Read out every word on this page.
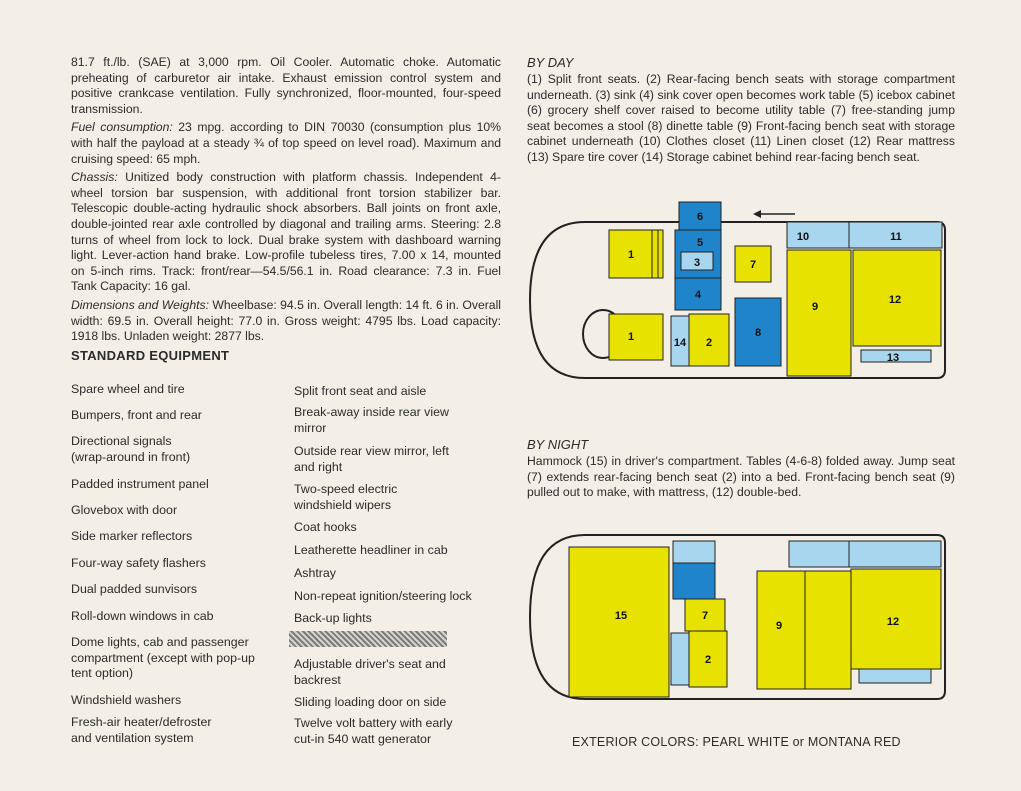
81.7 ft./lb. (SAE) at 3,000 rpm. Oil Cooler. Automatic choke. Automatic preheating of carburetor air intake. Exhaust emission control system and positive crankcase ventilation. Fully synchronized, floor-mounted, four-speed transmission.

Fuel consumption: 23 mpg. according to DIN 70030 (consumption plus 10% with half the payload at a steady ¾ of top speed on level road). Maximum and cruising speed: 65 mph.

Chassis: Unitized body construction with platform chassis. Independent 4-wheel torsion bar suspension, with additional front torsion stabilizer bar. Telescopic double-acting hydraulic shock absorbers. Ball joints on front axle, double-jointed rear axle controlled by diagonal and trailing arms. Steering: 2.8 turns of wheel from lock to lock. Dual brake system with dashboard warning light. Lever-action hand brake. Low-profile tubeless tires, 7.00 x 14, mounted on 5-inch rims. Track: front/rear—54.5/56.1 in. Road clearance: 7.3 in. Fuel Tank Capacity: 16 gal.

Dimensions and Weights: Wheelbase: 94.5 in. Overall length: 14 ft. 6 in. Overall width: 69.5 in. Overall height: 77.0 in. Gross weight: 4795 lbs. Load capacity: 1918 lbs. Unladen weight: 2877 lbs.

STANDARD EQUIPMENT
Spare wheel and tire
Bumpers, front and rear
Directional signals (wrap-around in front)
Padded instrument panel
Glovebox with door
Side marker reflectors
Four-way safety flashers
Dual padded sunvisors
Roll-down windows in cab
Dome lights, cab and passenger compartment (except with pop-up tent option)
Windshield washers
Fresh-air heater/defroster and ventilation system
Split front seat and aisle
Break-away inside rear view mirror
Outside rear view mirror, left and right
Two-speed electric windshield wipers
Coat hooks
Leatherette headliner in cab
Ashtray
Non-repeat ignition/steering lock
Back-up lights
Adjustable driver's seat and backrest
Sliding loading door on side
Twelve volt battery with early cut-in 540 watt generator
BY DAY

(1) Split front seats. (2) Rear-facing bench seats with storage compartment underneath. (3) sink (4) sink cover open becomes work table (5) icebox cabinet (6) grocery shelf cover raised to become utility table (7) free-standing jump seat becomes a stool (8) dinette table (9) Front-facing bench seat with storage cabinet underneath (10) Clothes closet (11) Linen closet (12) Rear mattress (13) Spare tire cover (14) Storage cabinet behind rear-facing bench seat.

6
1
5
3
4
7
10	11
9
12
13
1	14 2
8
BY NIGHT

Hammock (15) in driver's compartment. Tables (4-6-8) folded away. Jump seat (7) extends rear-facing bench seat (2) into a bed. Front-facing bench seat (9) pulled out to make, with mattress, (12) double-bed.

15	7
2
9	12
EXTERIOR COLORS: PEARL WHITE or MONTANA RED
